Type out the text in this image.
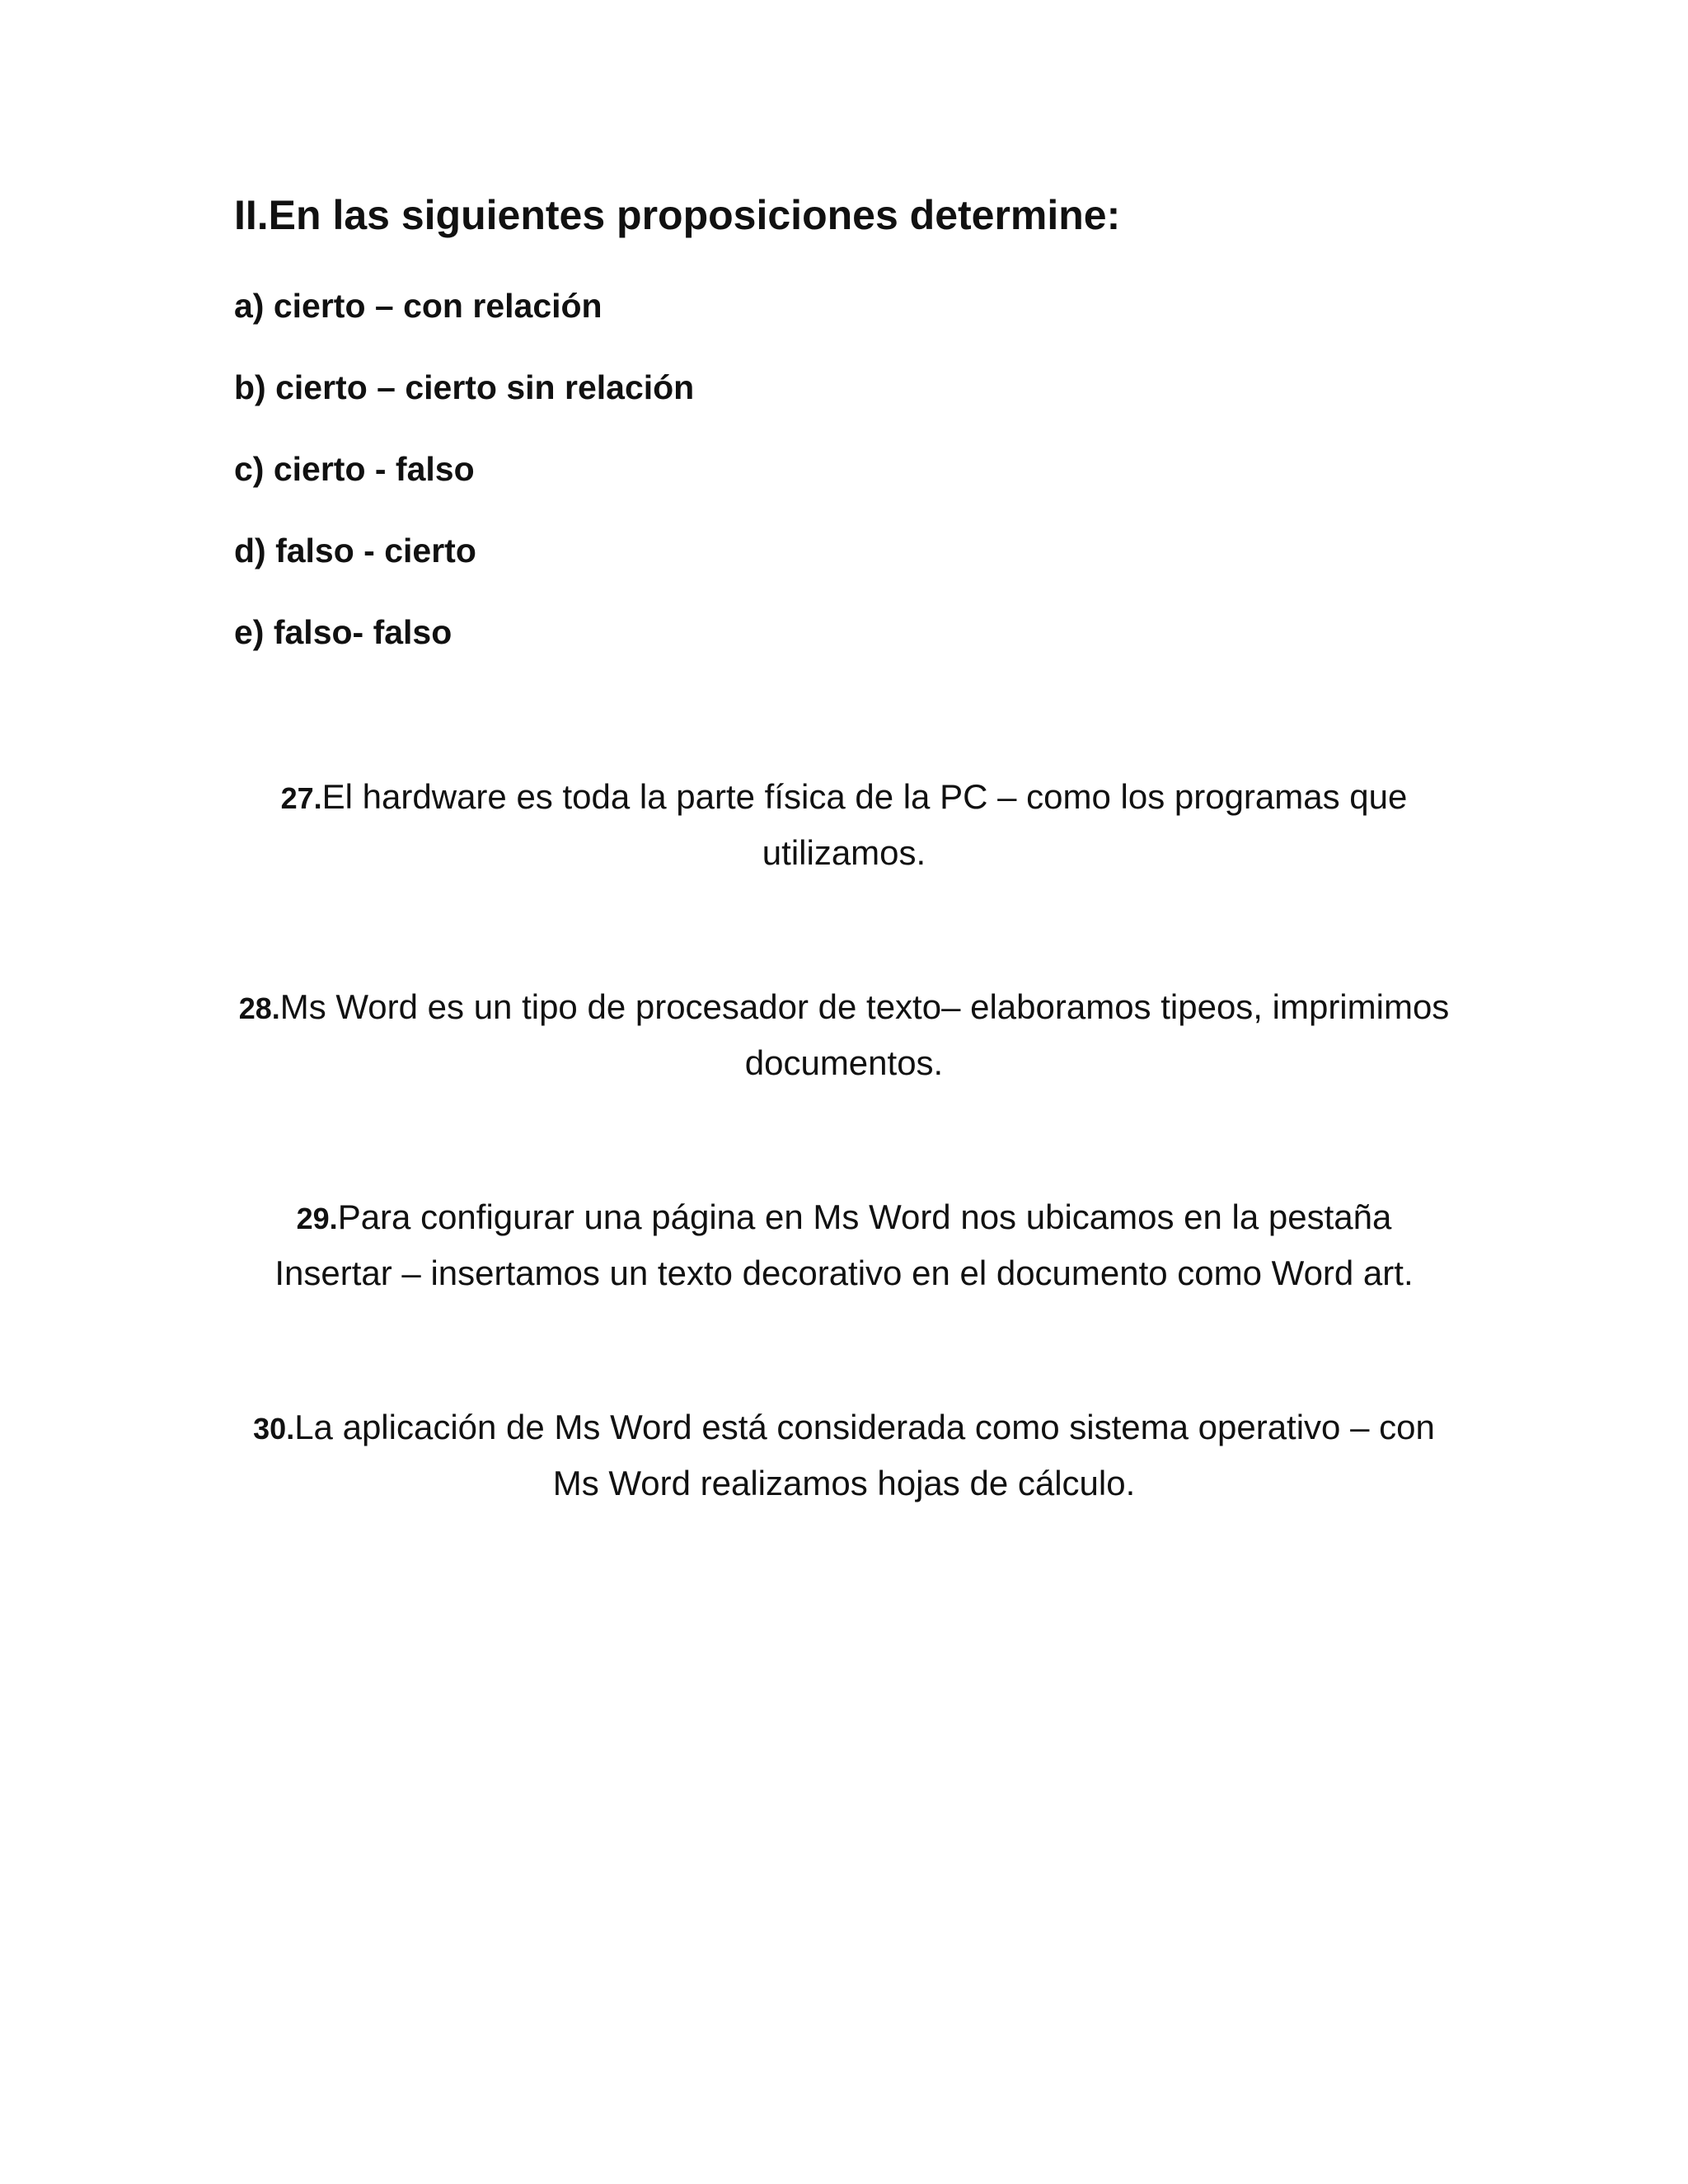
II.En las siguientes proposiciones determine:
a) cierto – con relación
b) cierto – cierto sin relación
c) cierto - falso
d) falso - cierto
e) falso- falso
27.El hardware es toda la parte física de la PC – como los programas que utilizamos.
28.Ms Word es un tipo de procesador de texto– elaboramos tipeos, imprimimos documentos.
29.Para configurar una página en Ms Word nos ubicamos en la pestaña Insertar – insertamos un texto decorativo en el documento como Word art.
30.La aplicación de Ms Word está considerada como sistema operativo – con Ms Word realizamos hojas de cálculo.
